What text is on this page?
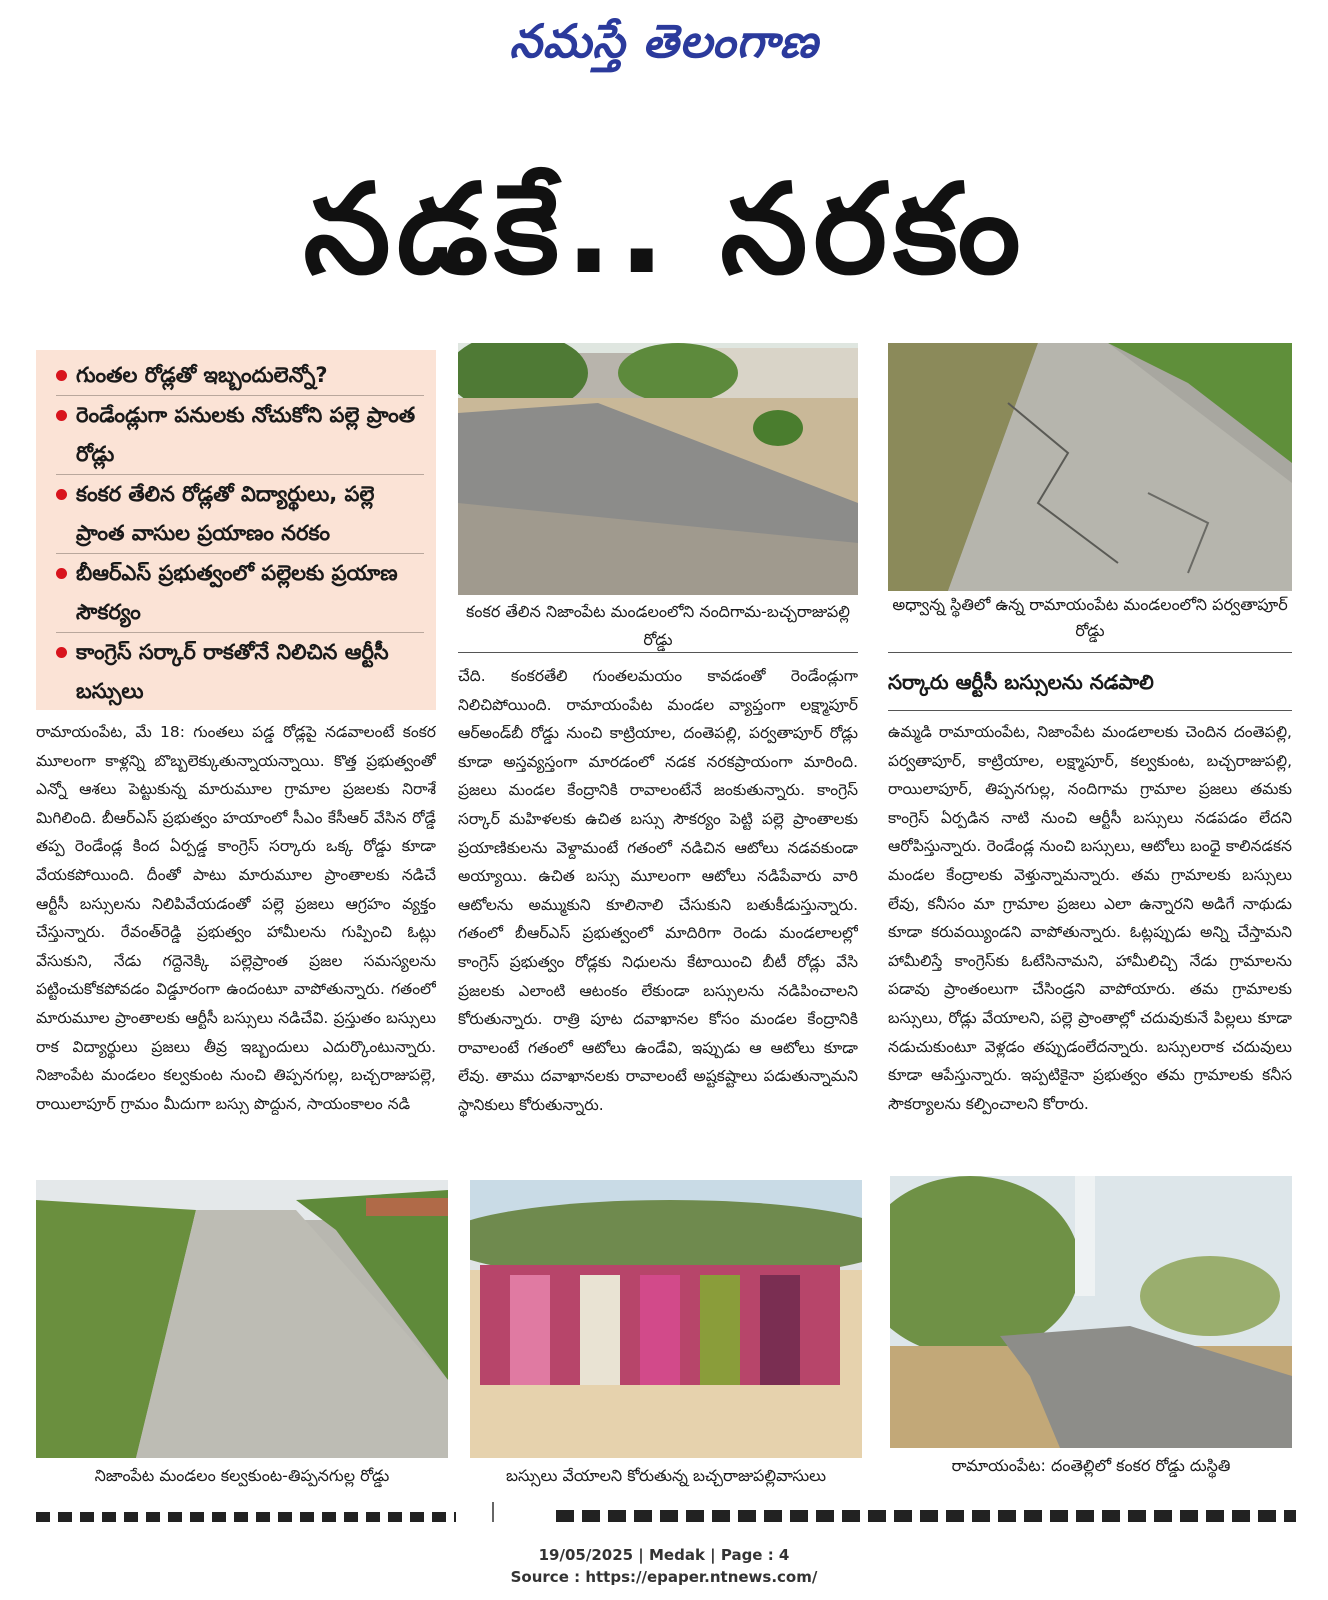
నమస్తే తెలంగాణ
నడకే.. నరకం
గుంతల రోడ్లతో ఇబ్బందులెన్నో?
రెండేండ్లుగా పనులకు నోచుకోని పల్లె ప్రాంత రోడ్లు
కంకర తేలిన రోడ్లతో విద్యార్థులు, పల్లె ప్రాంత వాసుల ప్రయాణం నరకం
బీఆర్ఎస్ ప్రభుత్వంలో పల్లెలకు ప్రయాణ సౌకర్యం
కాంగ్రెస్ సర్కార్ రాకతోనే నిలిచిన ఆర్టీసీ బస్సులు
కంకర తేలిన నిజాంపేట మండలంలోని నందిగామ-బచ్చరాజుపల్లి రోడ్డు
అధ్వాన్న స్థితిలో ఉన్న రామాయంపేట మండలంలోని పర్వతాపూర్ రోడ్డు
సర్కారు ఆర్టీసీ బస్సులను నడపాలి
రామాయంపేట, మే 18: గుంతలు పడ్డ రోడ్లపై నడవాలంటే కంకర మూలంగా కాళ్లన్ని బొబ్బలెక్కుతున్నాయన్నాయి. కొత్త ప్రభుత్వంతో ఎన్నో ఆశలు పెట్టుకున్న మారుమూల గ్రామాల ప్రజలకు నిరాశే మిగిలింది. బీఆర్ఎస్ ప్రభుత్వం హయాంలో సీఎం కేసీఆర్ వేసిన రోడ్డే తప్ప రెండేండ్ల కింద ఏర్పడ్డ కాంగ్రెస్ సర్కారు ఒక్క రోడ్డు కూడా వేయకపోయింది. దీంతో పాటు మారుమూల ప్రాంతాలకు నడిచే ఆర్టీసీ బస్సులను నిలిపివేయడంతో పల్లె ప్రజలు ఆగ్రహం వ్యక్తం చేస్తున్నారు. రేవంత్‌రెడ్డి ప్రభుత్వం హామీలను గుప్పించి ఓట్లు వేసుకుని, నేడు గద్దెనెక్కి పల్లెప్రాంత ప్రజల సమస్యలను పట్టించుకోకపోవడం విడ్డూరంగా ఉందంటూ వాపోతున్నారు. గతంలో మారుమూల ప్రాంతాలకు ఆర్టీసీ బస్సులు నడిచేవి. ప్రస్తుతం బస్సులు రాక విద్యార్థులు ప్రజలు తీవ్ర ఇబ్బందులు ఎదుర్కొంటున్నారు. నిజాంపేట మండలం కల్వకుంట నుంచి తిప్పనగుల్ల, బచ్చరాజుపల్లె, రాయిలాపూర్ గ్రామం మీదుగా బస్సు పొద్దున, సాయంకాలం నడి
చేది. కంకరతేలి గుంతలమయం కావడంతో రెండేండ్లుగా నిలిచిపోయింది. రామాయంపేట మండల వ్యాప్తంగా లక్ష్మాపూర్ ఆర్‌అండ్‌బీ రోడ్డు నుంచి కాట్రియాల, దంతెపల్లి, పర్వతాపూర్ రోడ్లు కూడా అస్తవ్యస్తంగా మారడంలో నడక నరకప్రాయంగా మారింది. ప్రజలు మండల కేంద్రానికి రావాలంటేనే జంకుతున్నారు. కాంగ్రెస్ సర్కార్ మహిళలకు ఉచిత బస్సు సౌకర్యం పెట్టి పల్లె ప్రాంతాలకు ప్రయాణికులను వెళ్దామంటే గతంలో నడిచిన ఆటోలు నడవకుండా అయ్యాయి. ఉచిత బస్సు మూలంగా ఆటోలు నడిపేవారు వారి ఆటోలను అమ్ముకుని కూలినాలి చేసుకుని బతుకీడుస్తున్నారు. గతంలో బీఆర్ఎస్ ప్రభుత్వంలో మాదిరిగా రెండు మండలాలల్లో కాంగ్రెస్ ప్రభుత్వం రోడ్లకు నిధులను కేటాయించి బీటీ రోడ్లు వేసి ప్రజలకు ఎలాంటి ఆటంకం లేకుండా బస్సులను నడిపించాలని కోరుతున్నారు. రాత్రి పూట దవాఖానల కోసం మండల కేంద్రానికి రావాలంటే గతంలో ఆటోలు ఉండేవి, ఇప్పుడు ఆ ఆటోలు కూడా లేవు. తాము దవాఖానలకు రావాలంటే అష్టకష్టాలు పడుతున్నామని స్థానికులు కోరుతున్నారు.
ఉమ్మడి రామాయంపేట, నిజాంపేట మండలాలకు చెందిన దంతెపల్లి, పర్వతాపూర్, కాట్రియాల, లక్ష్మాపూర్, కల్వకుంట, బచ్చరాజుపల్లి, రాయిలాపూర్, తిప్పనగుల్ల, నందిగామ గ్రామాల ప్రజలు తమకు కాంగ్రెస్ ఏర్పడిన నాటి నుంచి ఆర్టీసీ బస్సులు నడపడం లేదని ఆరోపిస్తున్నారు. రెండేండ్ల నుంచి బస్సులు, ఆటోలు బంధై కాలినడకన మండల కేంద్రాలకు వెళ్తున్నామన్నారు. తమ గ్రామాలకు బస్సులు లేవు, కనీసం మా గ్రామాల ప్రజలు ఎలా ఉన్నారని అడిగే నాథుడు కూడా కరువయ్యిండని వాపోతున్నారు. ఓట్లప్పుడు అన్ని చేస్తామని హామీలిస్తే కాంగ్రెస్‌కు ఓటేసినామని, హామీలిచ్చి నేడు గ్రామాలను పడావు ప్రాంతంలుగా చేసిండ్రని వాపోయారు. తమ గ్రామాలకు బస్సులు, రోడ్లు వేయాలని, పల్లె ప్రాంతాల్లో చదువుకునే పిల్లలు కూడా నడుచుకుంటూ వెళ్లడం తప్పుడంలేదన్నారు. బస్సులరాక చదువులు కూడా ఆపేస్తున్నారు. ఇప్పటికైనా ప్రభుత్వం తమ గ్రామాలకు కనీస సౌకర్యాలను కల్పించాలని కోరారు.
నిజాంపేట మండలం కల్వకుంట-తిప్పనగుల్ల రోడ్డు	బస్సులు వేయాలని కోరుతున్న బచ్చరాజుపల్లివాసులు
రామాయంపేట: దంతెల్లిలో కంకర రోడ్డు దుస్థితి
19/05/2025 | Medak | Page : 4
Source : https://epaper.ntnews.com/
